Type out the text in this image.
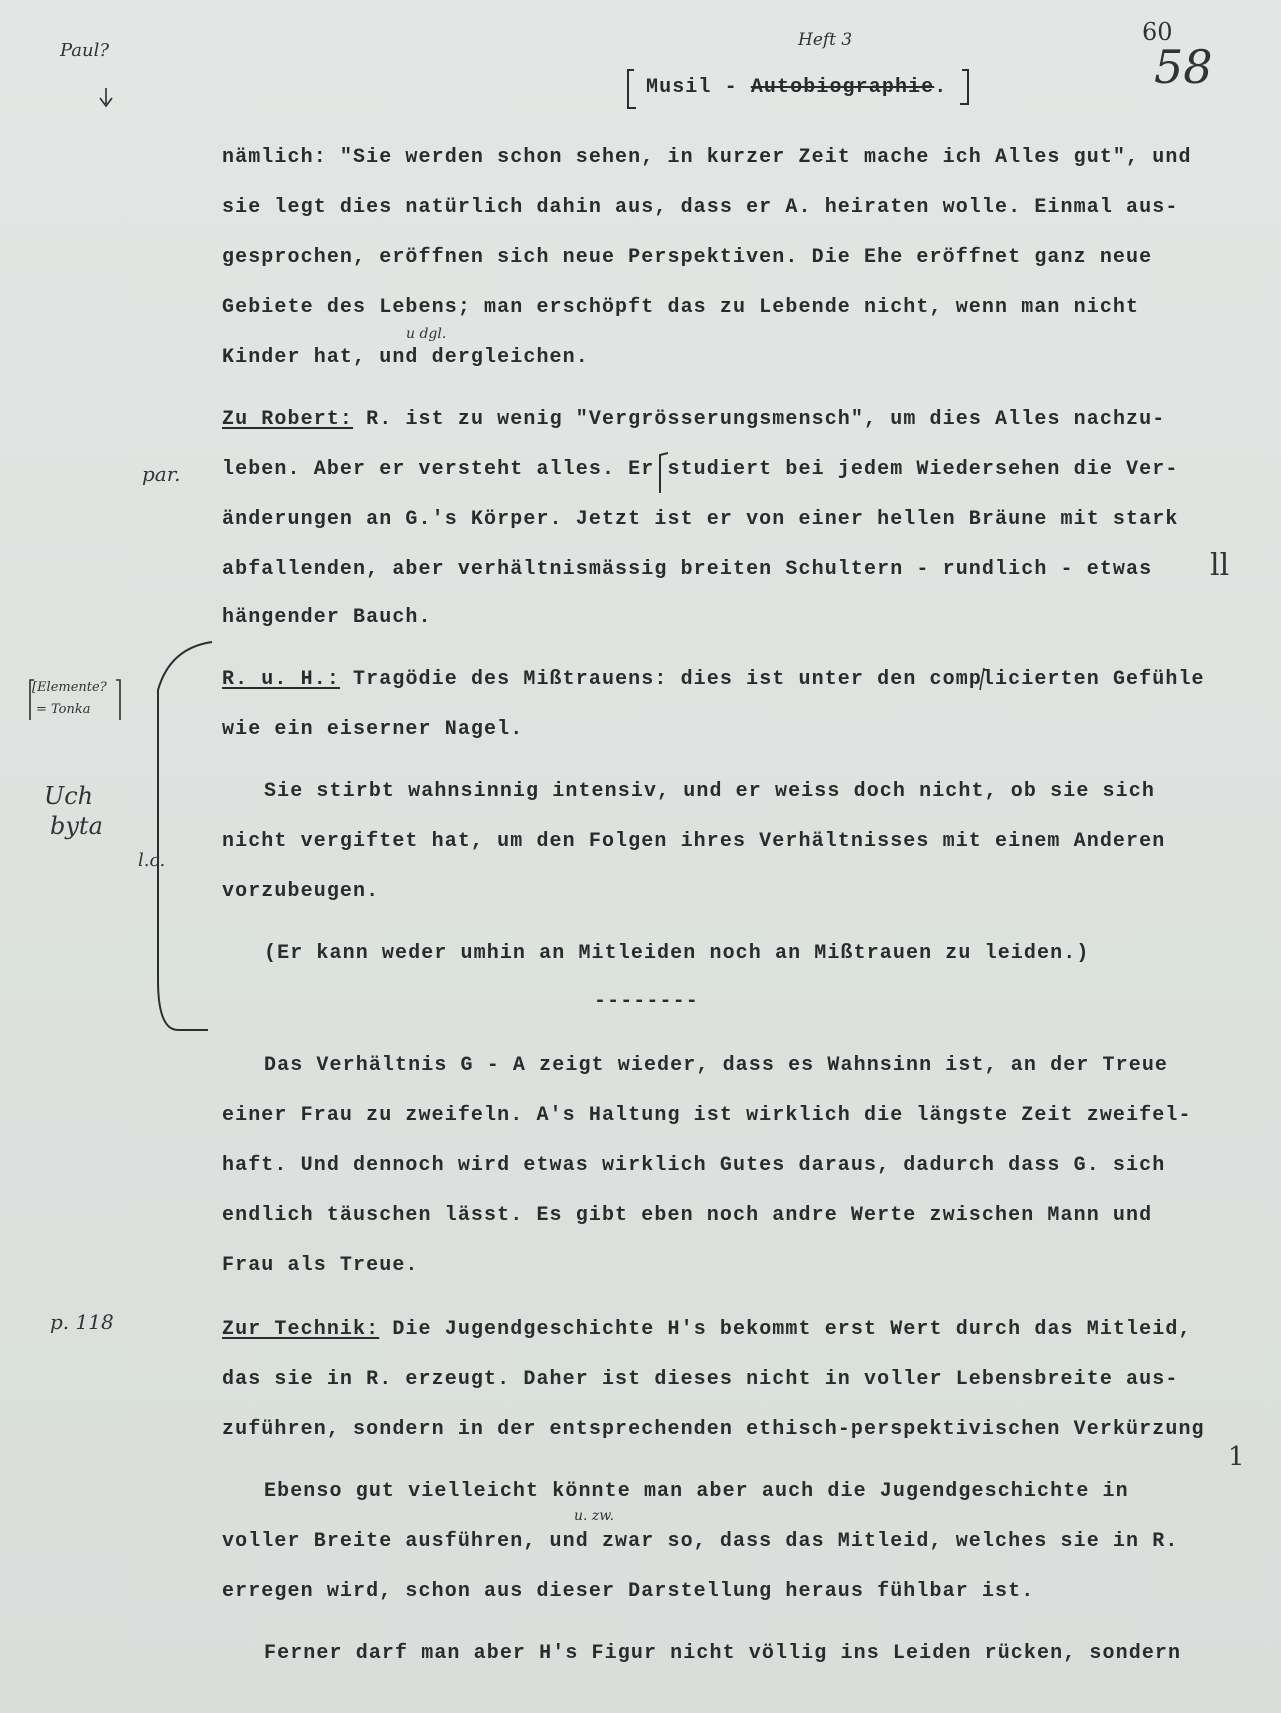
60
58
Paul?	Heft 3
Musil - Autobiographie.
nämlich: "Sie werden schon sehen, in kurzer Zeit mache ich Alles gut", und
sie legt dies natürlich dahin aus, dass er A. heiraten wolle. Einmal aus-
gesprochen, eröffnen sich neue Perspektiven. Die Ehe eröffnet ganz neue
Gebiete des Lebens; man erschöpft das zu Lebende nicht, wenn man nicht
Kinder hat, und dergleichen.
u dgl.
Zu Robert: R. ist zu wenig "Vergrösserungsmensch", um dies Alles nachzu-
leben. Aber er versteht alles. Er studiert bei jedem Wiedersehen die Ver-
änderungen an G.'s Körper. Jetzt ist er von einer hellen Bräune mit stark
abfallenden, aber verhältnismässig breiten Schultern - rundlich - etwas
hängender Bauch.
par.
ll
R. u. H.: Tragödie des Mißtrauens: dies ist unter den complicierten Gefühle
wie ein eiserner Nagel.
[Elemente?
= Tonka
Sie stirbt wahnsinnig intensiv, und er weiss doch nicht, ob sie sich
nicht vergiftet hat, um den Folgen ihres Verhältnisses mit einem Anderen
vorzubeugen.
Uch
byta
l.c.
(Er kann weder umhin an Mitleiden noch an Mißtrauen zu leiden.)
--------
Das Verhältnis G - A zeigt wieder, dass es Wahnsinn ist, an der Treue
einer Frau zu zweifeln. A's Haltung ist wirklich die längste Zeit zweifel-
haft. Und dennoch wird etwas wirklich Gutes daraus, dadurch dass G. sich
endlich täuschen lässt. Es gibt eben noch andre Werte zwischen Mann und
Frau als Treue.
Zur Technik: Die Jugendgeschichte H's bekommt erst Wert durch das Mitleid,
das sie in R. erzeugt. Daher ist dieses nicht in voller Lebensbreite aus-
zuführen, sondern in der entsprechenden ethisch-perspektivischen Verkürzung
p. 118
1
Ebenso gut vielleicht könnte man aber auch die Jugendgeschichte in
voller Breite ausführen, und zwar so, dass das Mitleid, welches sie in R.
erregen wird, schon aus dieser Darstellung heraus fühlbar ist.
u. zw.
Ferner darf man aber H's Figur nicht völlig ins Leiden rücken, sondern
